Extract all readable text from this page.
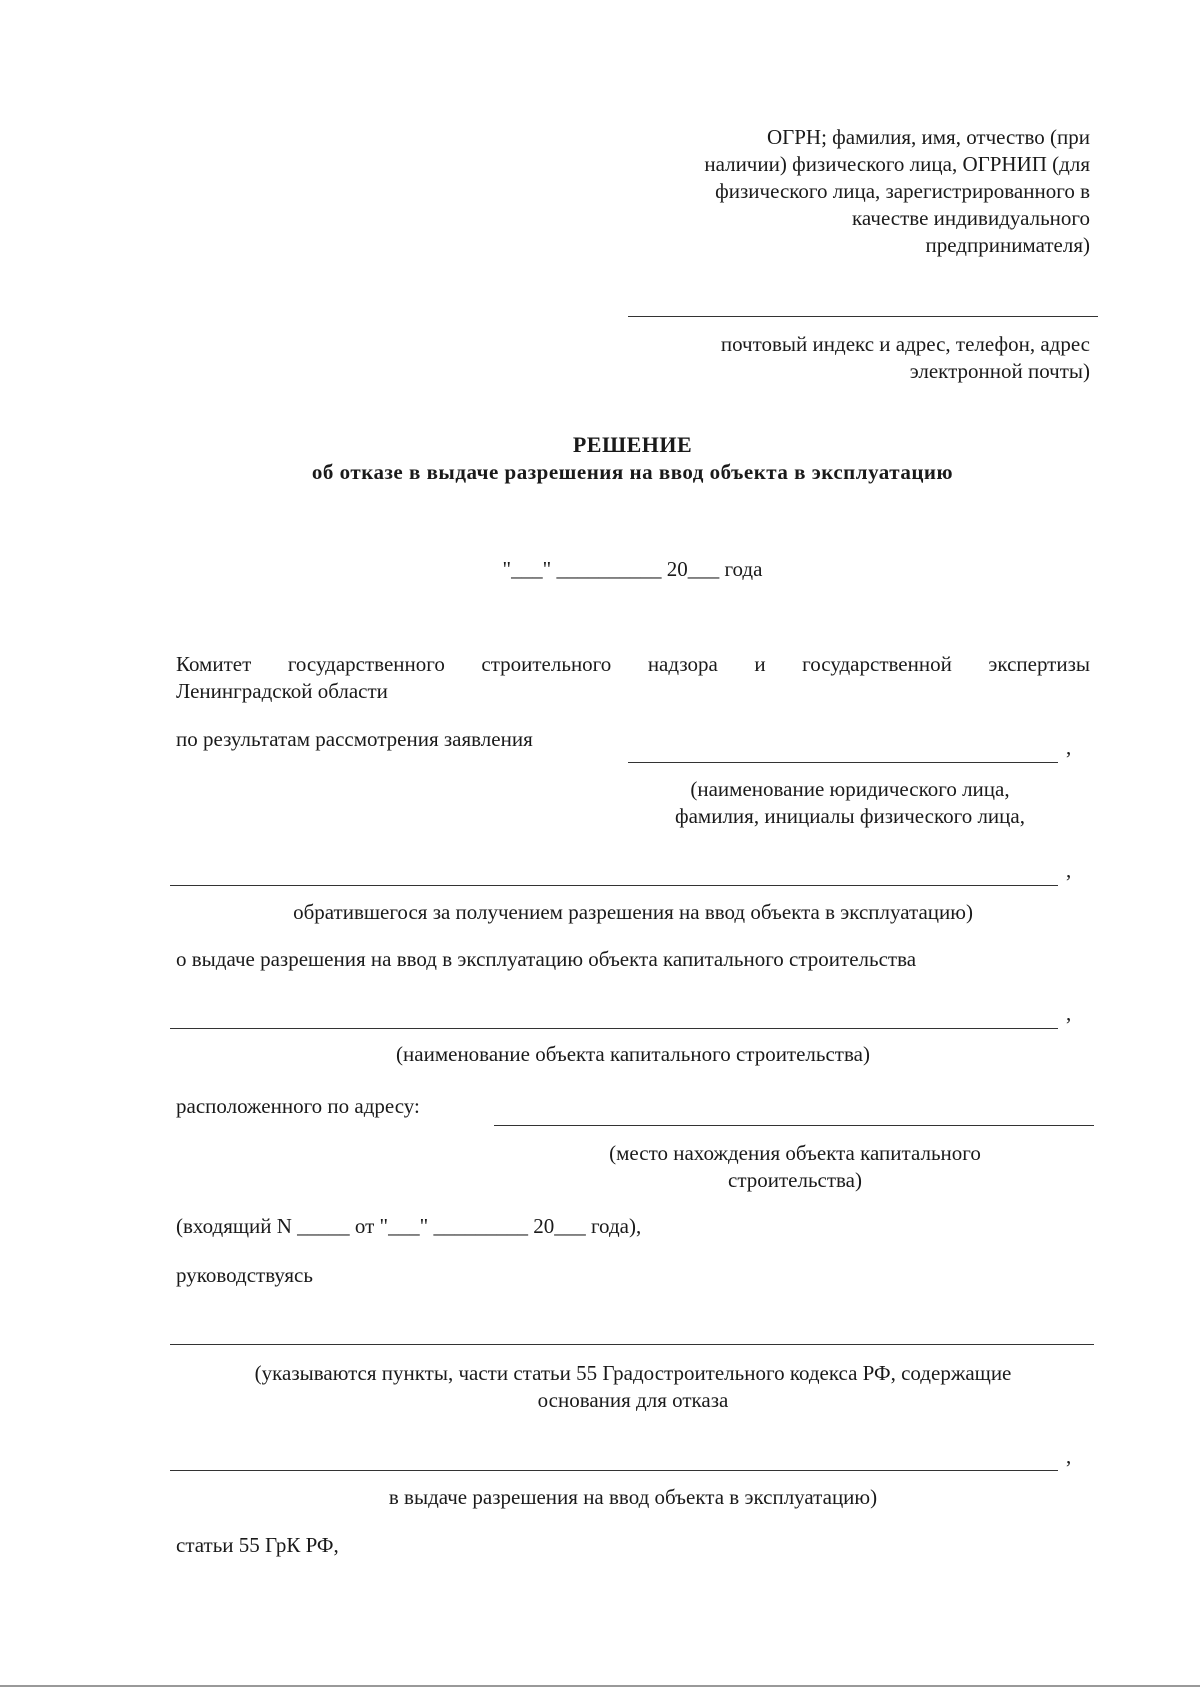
ОГРН; фамилия, имя, отчество (при
наличии) физического лица, ОГРНИП (для
физического лица, зарегистрированного в
качестве индивидуального
предпринимателя)
почтовый индекс и адрес, телефон, адрес
электронной почты)
РЕШЕНИЕ
об отказе в выдаче разрешения на ввод объекта в эксплуатацию
"___" __________ 20___ года
Комитет государственного строительного надзора и государственной экспертизы
Ленинградской области
по результатам рассмотрения заявления	,
(наименование юридического лица,
фамилия, инициалы физического лица,
,
обратившегося за получением разрешения на ввод объекта в эксплуатацию)
о выдаче разрешения на ввод в эксплуатацию объекта капитального строительства
,
(наименование объекта капитального строительства)
расположенного по адресу:
(место нахождения объекта капитального
строительства)
(входящий N _____ от "___" _________ 20___ года),
руководствуясь
(указываются пункты, части статьи 55 Градостроительного кодекса РФ, содержащие
основания для отказа
,
в выдаче разрешения на ввод объекта в эксплуатацию)
статьи 55 ГрК РФ,
